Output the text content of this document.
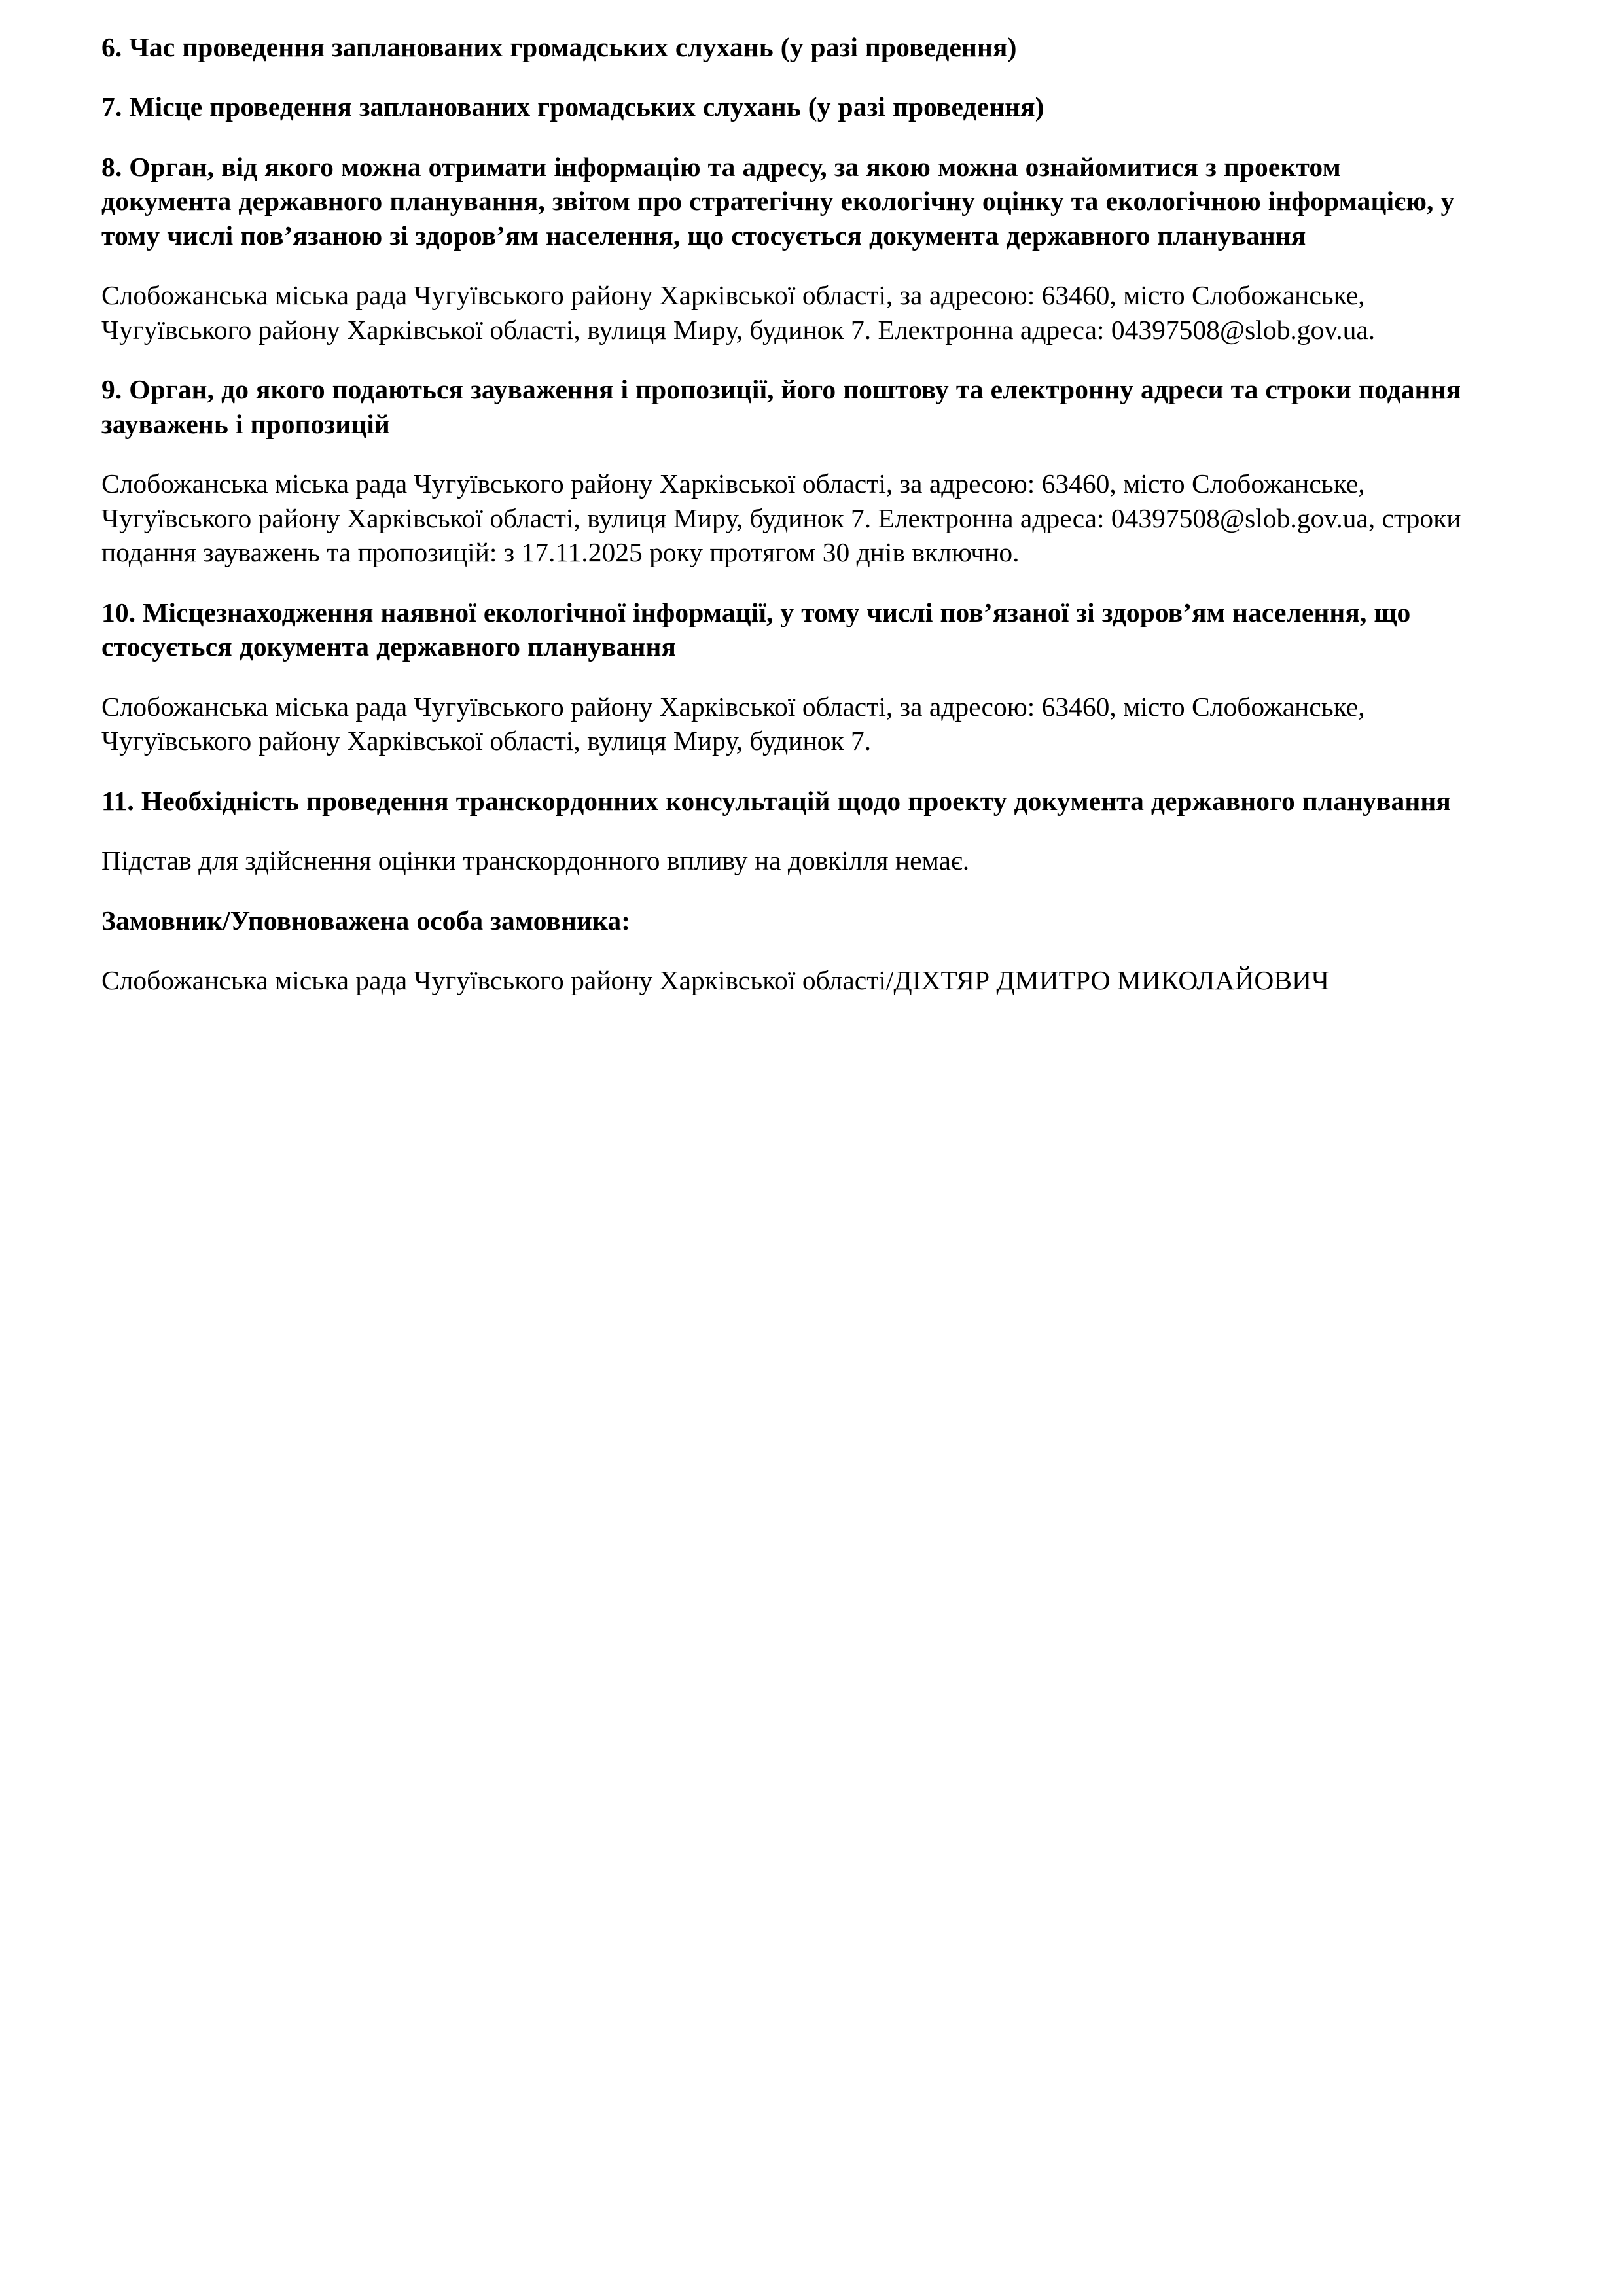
6. Час проведення запланованих громадських слухань (у разі проведення)

7. Місце проведення запланованих громадських слухань (у разі проведення)

8. Орган, від якого можна отримати інформацію та адресу, за якою можна ознайомитися з проектом документа державного планування, звітом про стратегічну екологічну оцінку та екологічною інформацією, у тому числі пов’язаною зі здоров’ям населення, що стосується документа державного планування

Слобожанська міська рада Чугуївського району Харківської області, за адресою: 63460, місто Слобожанське, Чугуївського району Харківської області, вулиця Миру, будинок 7. Електронна адреса: 04397508@slob.gov.ua.

9. Орган, до якого подаються зауваження і пропозиції, його поштову та електронну адреси та строки подання зауважень і пропозицій

Слобожанська міська рада Чугуївського району Харківської області, за адресою: 63460, місто Слобожанське, Чугуївського району Харківської області, вулиця Миру, будинок 7. Електронна адреса: 04397508@slob.gov.ua, строки подання зауважень та пропозицій: з 17.11.2025 року протягом 30 днів включно.

10. Місцезнаходження наявної екологічної інформації, у тому числі пов’язаної зі здоров’ям населення, що стосується документа державного планування

Слобожанська міська рада Чугуївського району Харківської області, за адресою: 63460, місто Слобожанське, Чугуївського району Харківської області, вулиця Миру, будинок 7.

11. Необхідність проведення транскордонних консультацій щодо проекту документа державного планування

Підстав для здійснення оцінки транскордонного впливу на довкілля немає.

Замовник/Уповноважена особа замовника:

Слобожанська міська рада Чугуївського району Харківської області/ДІХТЯР ДМИТРО МИКОЛАЙОВИЧ
